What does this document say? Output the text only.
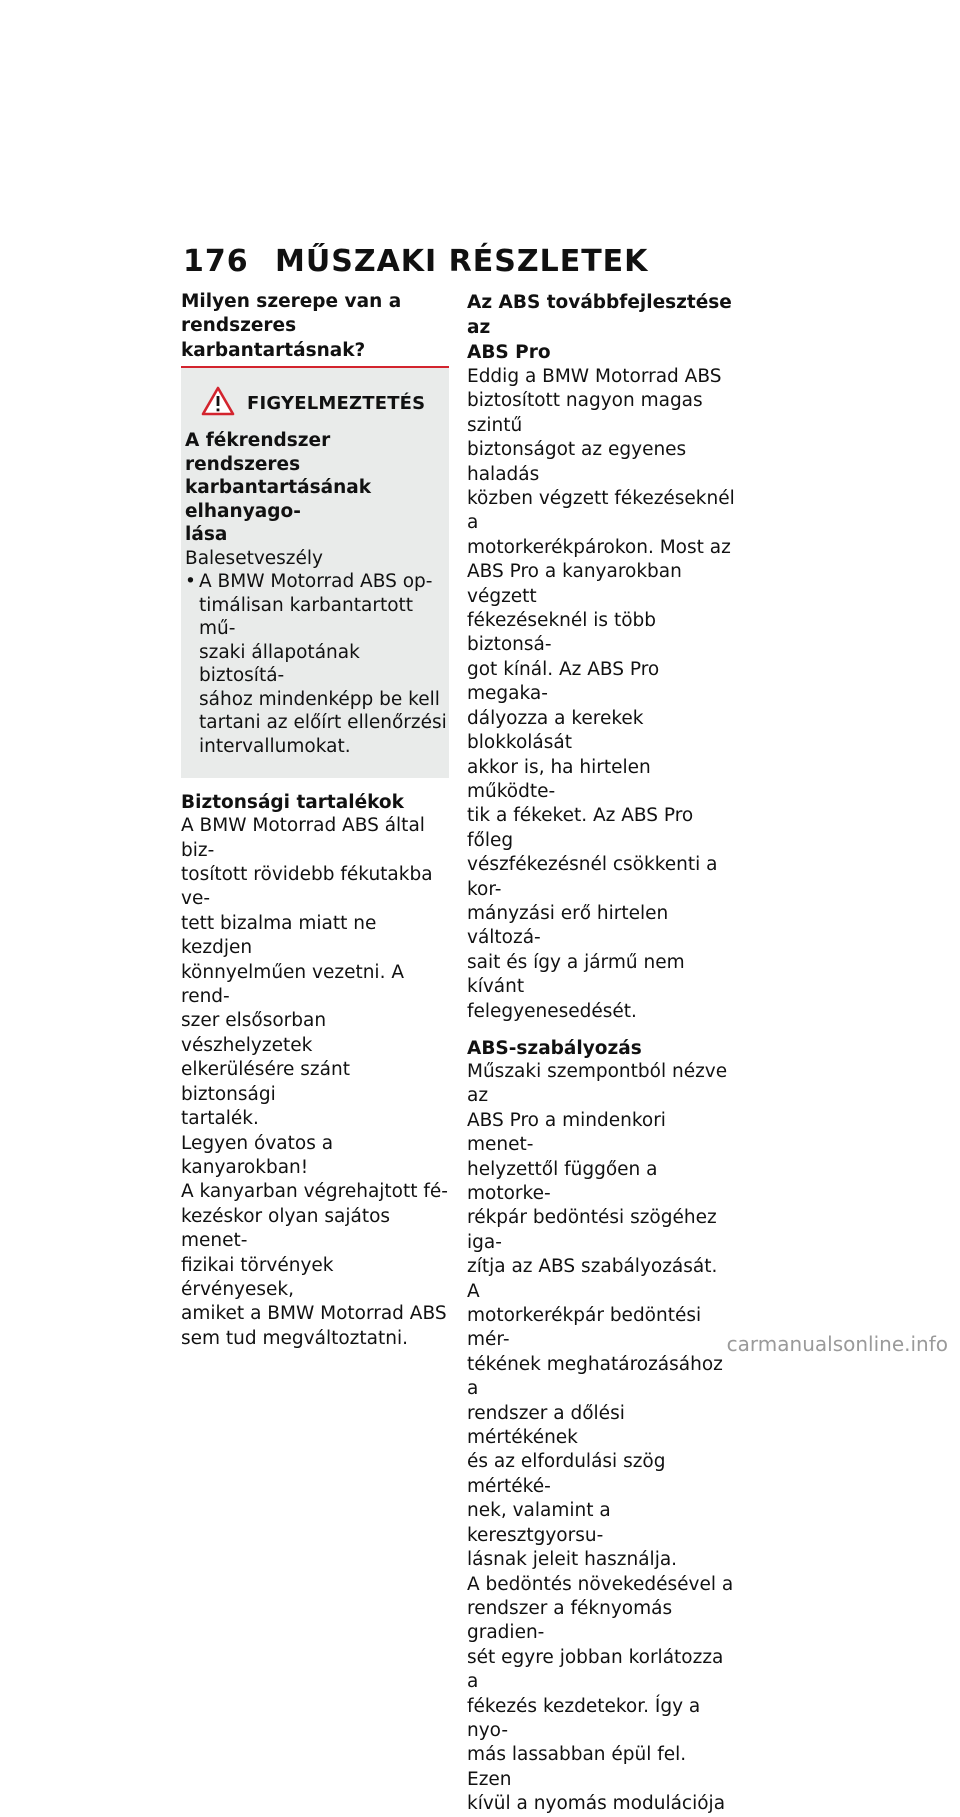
176 MŰSZAKI RÉSZLETEK
Milyen szerepe van a
rendszeres karbantartásnak?
FIGYELMEZTETÉS
A fékrendszer rendszeres
karbantartásának elhanyago-
lása
Balesetveszély
• A BMW Motorrad ABS op-
timálisan karbantartott mű-
szaki állapotának biztosítá-
sához mindenképp be kell
tartani az előírt ellenőrzési
intervallumokat.
Biztonsági tartalékok
A BMW Motorrad ABS által biz-
tosított rövidebb fékutakba ve-
tett bizalma miatt ne kezdjen
könnyelműen vezetni. A rend-
szer elsősorban vészhelyzetek
elkerülésére szánt biztonsági
tartalék.
Legyen óvatos a kanyarokban!
A kanyarban végrehajtott fé-
kezéskor olyan sajátos menet-
fizikai törvények érvényesek,
amiket a BMW Motorrad ABS
sem tud megváltoztatni.
Az ABS továbbfejlesztése az
ABS Pro
Eddig a BMW Motorrad ABS
biztosított nagyon magas szintű
biztonságot az egyenes haladás
közben végzett fékezéseknél a
motorkerékpárokon. Most az
ABS Pro a kanyarokban végzett
fékezéseknél is több biztonsá-
got kínál. Az ABS Pro megaka-
dályozza a kerekek blokkolását
akkor is, ha hirtelen működte-
tik a fékeket. Az ABS Pro főleg
vészfékezésnél csökkenti a kor-
mányzási erő hirtelen változá-
sait és így a jármű nem kívánt
felegyenesedését.
ABS-szabályozás
Műszaki szempontból nézve az
ABS Pro a mindenkori menet-
helyzettől függően a motorke-
rékpár bedöntési szögéhez iga-
zítja az ABS szabályozását. A
motorkerékpár bedöntési mér-
tékének meghatározásához a
rendszer a dőlési mértékének
és az elfordulási szög mértéké-
nek, valamint a keresztgyorsu-
lásnak jeleit használja.
A bedöntés növekedésével a
rendszer a féknyomás gradien-
sét egyre jobban korlátozza a
fékezés kezdetekor. Így a nyo-
más lassabban épül fel. Ezen
kívül a nyomás modulációja
carmanualsonline.info
